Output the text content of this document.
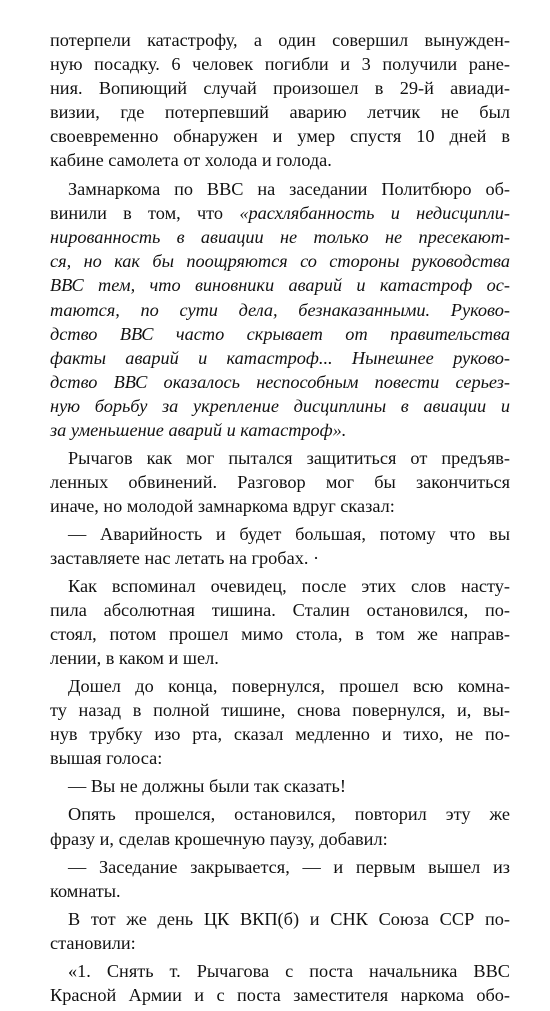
потерпели катастрофу, а один совершил вынужден-
ную посадку. 6 человек погибли и 3 получили ране-
ния. Вопиющий случай произошел в 29-й авиади-
визии, где потерпевший аварию летчик не был
своевременно обнаружен и умер спустя 10 дней в
кабине самолета от холода и голода.

Замнаркома по ВВС на заседании Политбюро об-
винили в том, что «расхлябанность и недисципли-
нированность в авиации не только не пресекают-
ся, но как бы поощряются со стороны руководства
ВВС тем, что виновники аварий и катастроф ос-
таются, по сути дела, безнаказанными. Руково-
дство ВВС часто скрывает от правительства
факты аварий и катастроф... Нынешнее руково-
дство ВВС оказалось неспособным повести серьез-
ную борьбу за укрепление дисциплины в авиации и
за уменьшение аварий и катастроф».

Рычагов как мог пытался защититься от предъяв-
ленных обвинений. Разговор мог бы закончиться
иначе, но молодой замнаркома вдруг сказал:

— Аварийность и будет большая, потому что вы
заставляете нас летать на гробах. ·

Как вспоминал очевидец, после этих слов насту-
пила абсолютная тишина. Сталин остановился, по-
стоял, потом прошел мимо стола, в том же направ-
лении, в каком и шел.

Дошел до конца, повернулся, прошел всю комна-
ту назад в полной тишине, снова повернулся, и, вы-
нув трубку изо рта, сказал медленно и тихо, не по-
вышая голоса:

— Вы не должны были так сказать!

Опять прошелся, остановился, повторил эту же
фразу и, сделав крошечную паузу, добавил:

— Заседание закрывается, — и первым вышел из
комнаты.

В тот же день ЦК ВКП(б) и СНК Союза ССР по-
становили:

«1. Снять т. Рычагова с поста начальника ВВС
Красной Армии и с поста заместителя наркома обо-
